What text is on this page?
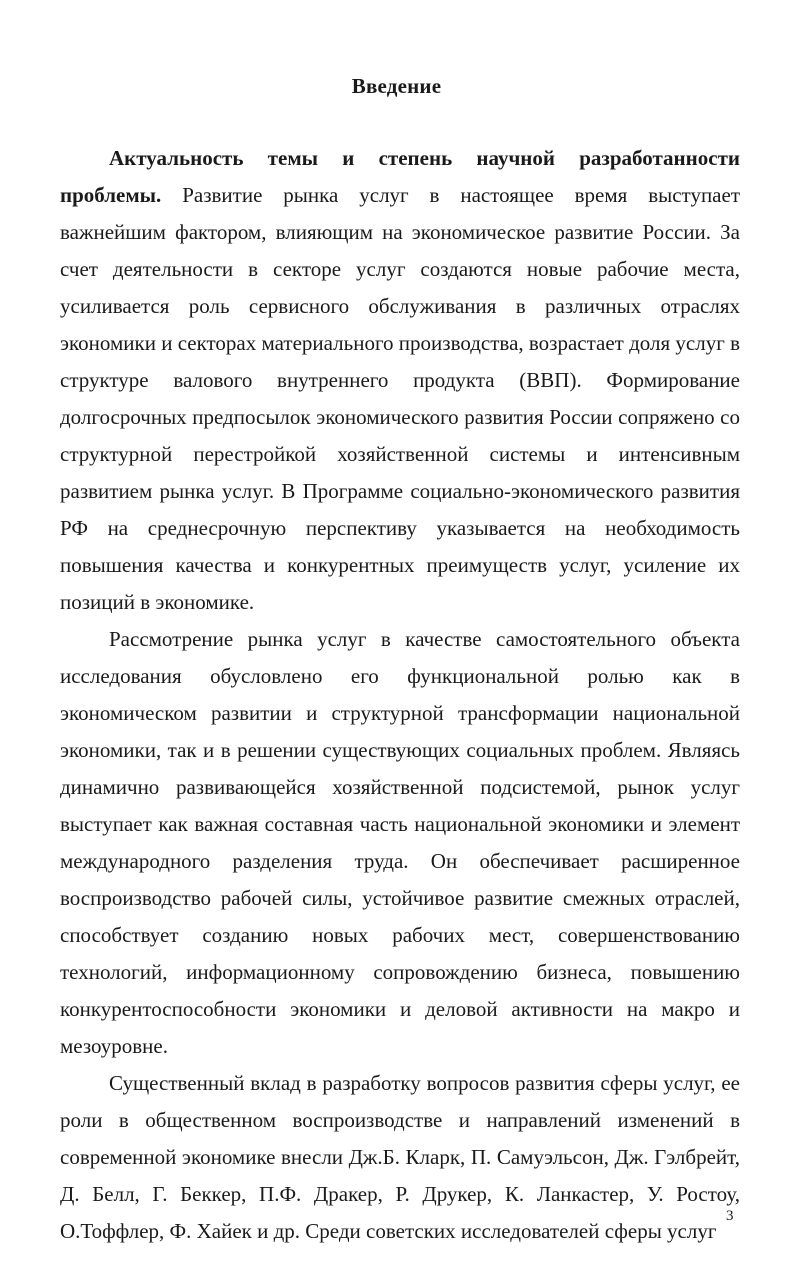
Введение

Актуальность темы и степень научной разработанности проблемы. Развитие рынка услуг в настоящее время выступает важнейшим фактором, влияющим на экономическое развитие России. За счет деятельности в секторе услуг создаются новые рабочие места, усиливается роль сервисного обслуживания в различных отраслях экономики и секторах материального производства, возрастает доля услуг в структуре валового внутреннего продукта (ВВП). Формирование долгосрочных предпосылок экономического развития России сопряжено со структурной перестройкой хозяйственной системы и интенсивным развитием рынка услуг. В Программе социально-экономического развития РФ на среднесрочную перспективу указывается на необходимость повышения качества и конкурентных преимуществ услуг, усиление их позиций в экономике.

Рассмотрение рынка услуг в качестве самостоятельного объекта исследования обусловлено его функциональной ролью как в экономическом развитии и структурной трансформации национальной экономики, так и в решении существующих социальных проблем. Являясь динамично развивающейся хозяйственной подсистемой, рынок услуг выступает как важная составная часть национальной экономики и элемент международного разделения труда. Он обеспечивает расширенное воспроизводство рабочей силы, устойчивое развитие смежных отраслей, способствует созданию новых рабочих мест, совершенствованию технологий, информационному сопровождению бизнеса, повышению конкурентоспособности экономики и деловой активности на макро и мезоуровне.

Существенный вклад в разработку вопросов развития сферы услуг, ее роли в общественном воспроизводстве и направлений изменений в современной экономике внесли Дж.Б. Кларк, П. Самуэльсон, Дж. Гэлбрейт, Д. Белл, Г. Беккер, П.Ф. Дракер, Р. Друкер, К. Ланкастер, У. Ростоу, О.Тоффлер, Ф. Хайек и др. Среди советских исследователей сферы услуг

3
